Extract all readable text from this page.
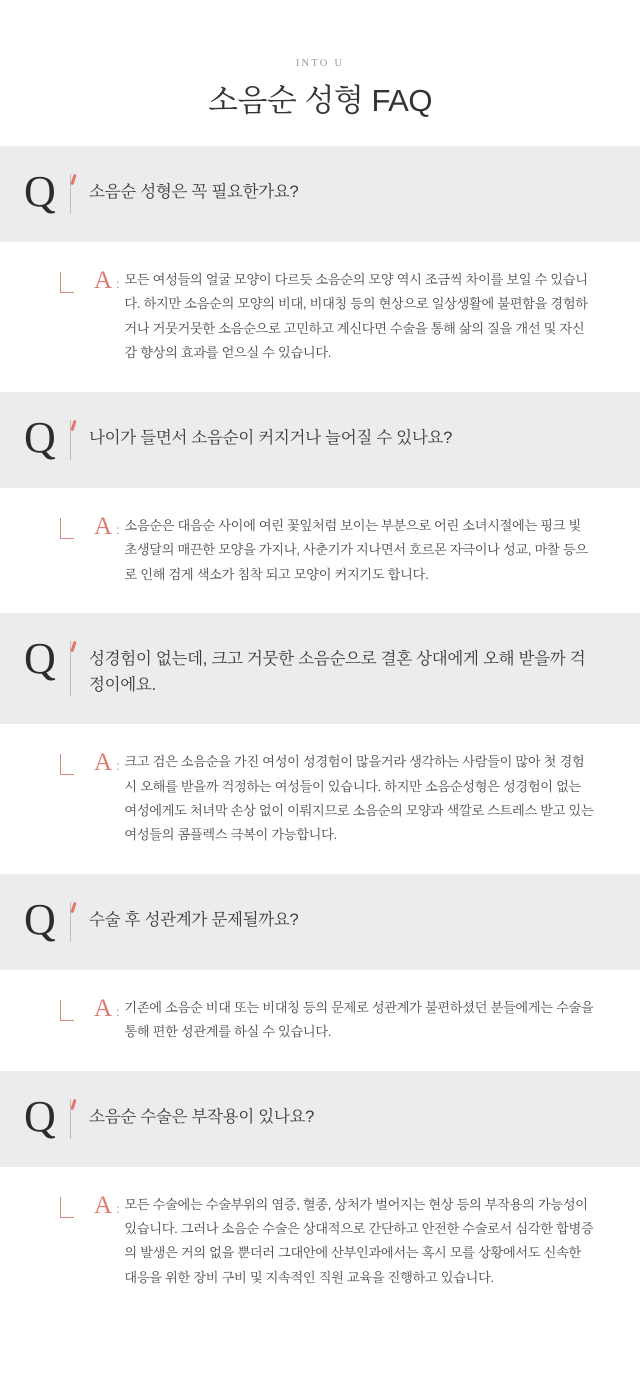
INTO U
소음순 성형 FAQ
Q 소음순 성형은 꼭 필요한가요?
A : 모든 여성들의 얼굴 모양이 다르듯 소음순의 모양 역시 조금씩 차이를 보일 수 있습니다. 하지만 소음순의 모양의 비대, 비대칭 등의 현상으로 일상생활에 불편함을 경험하거나 거뭇거뭇한 소음순으로 고민하고 계신다면 수술을 통해 삶의 질을 개선 및 자신감 향상의 효과를 얻으실 수 있습니다.
Q 나이가 들면서 소음순이 커지거나 늘어질 수 있나요?
A : 소음순은 대음순 사이에 여린 꽃잎처럼 보이는 부분으로 어린 소녀시절에는 핑크 빛 초생달의 매끈한 모양을 가지나, 사춘기가 지나면서 호르몬 자극이나 성교, 마찰 등으로 인해 검게 색소가 침착 되고 모양이 커지기도 합니다.
Q 성경험이 없는데, 크고 거뭇한 소음순으로 결혼 상대에게 오해 받을까 걱정이에요.
A : 크고 검은 소음순을 가진 여성이 성경험이 많을거라 생각하는 사람들이 많아 첫 경험 시 오해를 받을까 걱정하는 여성들이 있습니다. 하지만 소음순성형은 성경험이 없는 여성에게도 처녀막 손상 없이 이뤄지므로 소음순의 모양과 색깔로 스트레스 받고 있는 여성들의 콤플렉스 극복이 가능합니다.
Q 수술 후 성관계가 문제될까요?
A : 기존에 소음순 비대 또는 비대칭 등의 문제로 성관계가 불편하셨던 분들에게는 수술을 통해 편한 성관계를 하실 수 있습니다.
Q 소음순 수술은 부작용이 있나요?
A : 모든 수술에는 수술부위의 염증, 혈종, 상처가 벌어지는 현상 등의 부작용의 가능성이 있습니다. 그러나 소음순 수술은 상대적으로 간단하고 안전한 수술로서 심각한 합병증의 발생은 거의 없을 뿐더러 그대안에 산부인과에서는 혹시 모를 상황에서도 신속한 대응을 위한 장비 구비 및 지속적인 직원 교육을 진행하고 있습니다.
